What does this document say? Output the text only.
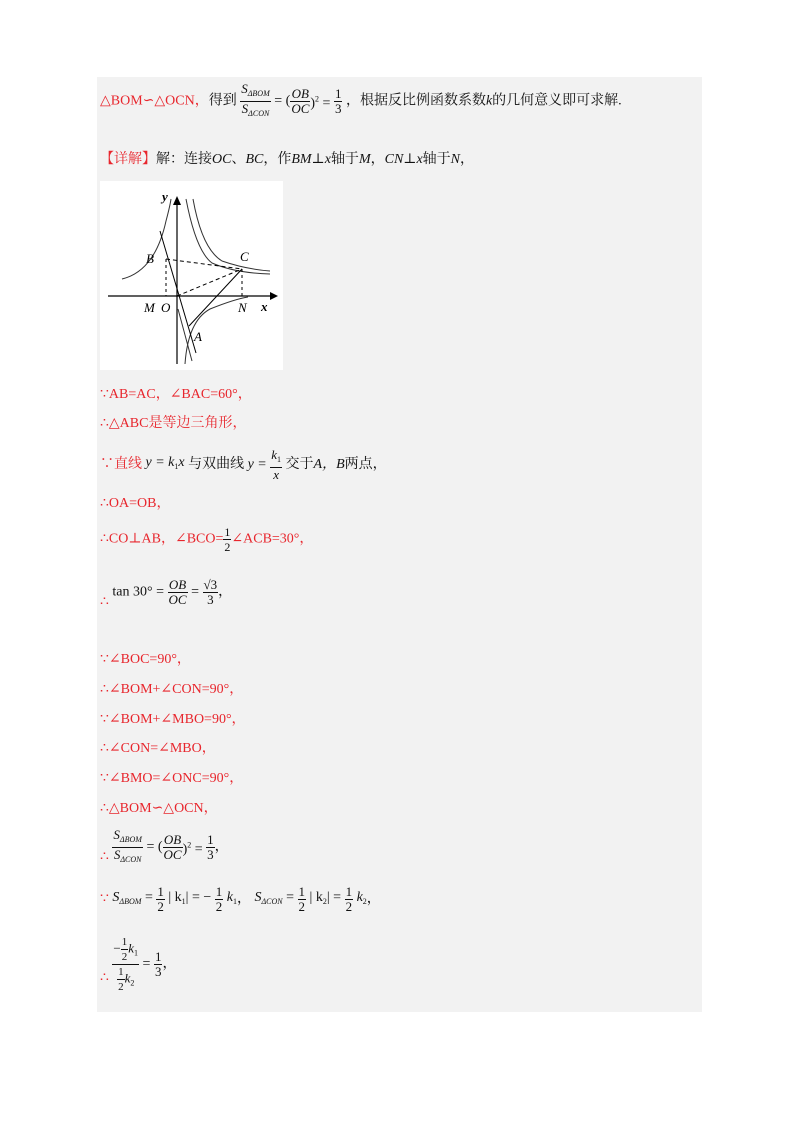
△BOM∽△OCN，得到 $\frac{S_{\Delta BOM}}{S_{\Delta CON}}$ = ( $\frac{OB}{OC} )^2 = \frac{1}{3}$ ，根据反比例函数系数k的几何意义即可求解.
【详解】解：连接OC、BC，作BM⊥x轴于M，CN⊥x轴于N，
y
x
B	C
M O	N
A
∵AB=AC，∠BAC=60°，
∴△ABC是等边三角形，
∵直线 $y = k_1x$ 与双曲线 $y = \frac{k_1}{x}$ 交于A，B两点，
∴OA=OB，
∴CO⊥AB，∠BCO= $\frac{1}{2}$ ∠ACB=30°，
∴ $\tan 30^\circ = \frac{OB}{OC} = \frac{√3}{3}$ ，
∵∠BOC=90°，
∴∠BOM+∠CON=90°，
∵∠BOM+∠MBO=90°，
∴∠CON=∠MBO，
∵∠BMO=∠ONC=90°，
∴△BOM∽△OCN，
∴ $\frac{S_{\Delta BOM}}{S_{\Delta CON}}$ = ( $\frac{OB}{OC} )^2 = \frac{1}{3}$ ，
∵ $S_{\Delta BOM} = \frac{1}{2}$ | $k_1|$ = − $\frac{1}{2} k_1$， $S_{\Delta CON} = \frac{1}{2}$ | $k_2| = \frac{1}{2} k_2$，
∴ $\frac{- \frac{1}{2} k_1}{\frac{1}{2} k_2} = \frac{1}{3}$ ，
